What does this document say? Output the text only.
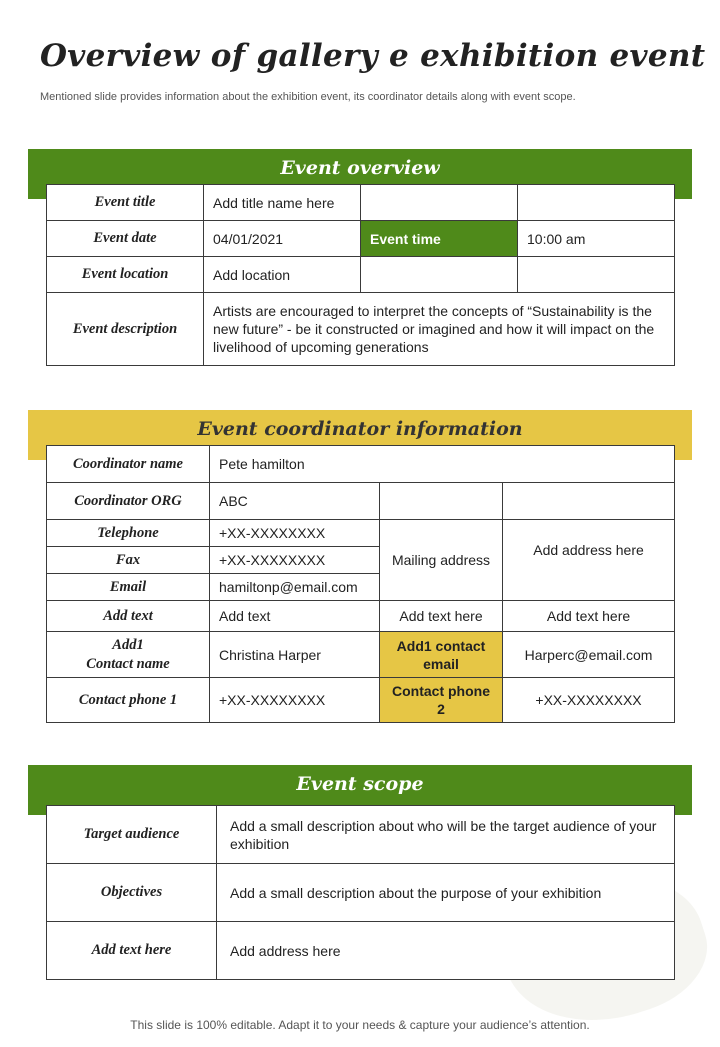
Overview of gallery e exhibition event
Mentioned slide provides information about the exhibition event, its coordinator details along with event scope.
Event overview
Event title	Add title name here		
Event date	04/01/2021	Event time	10:00 am
Event location	Add location		
Event description	Artists are encouraged to interpret the concepts of “Sustainability is the new future” - be it constructed or imagined and how it will impact on the livelihood of upcoming generations		
Event coordinator information
Coordinator name	Pete hamilton		
Coordinator ORG	ABC		
Telephone	+XX-XXXXXXXX	Mailing address	Add address here
Fax	+XX-XXXXXXXX		
Email	hamiltonp@email.com		
Add text	Add text	Add text here	Add text here

Add1
Contact name	Christina Harper	Add1 contact email	Harperc@email.com
Contact phone 1	+XX-XXXXXXXX	Contact phone 2	+XX-XXXXXXXX
Event scope
Target audience	Add a small description about who will be the target audience of your exhibition
Objectives	Add a small description about the purpose of your exhibition
Add text here	Add address here
This slide is 100% editable. Adapt it to your needs & capture your audience’s attention.
